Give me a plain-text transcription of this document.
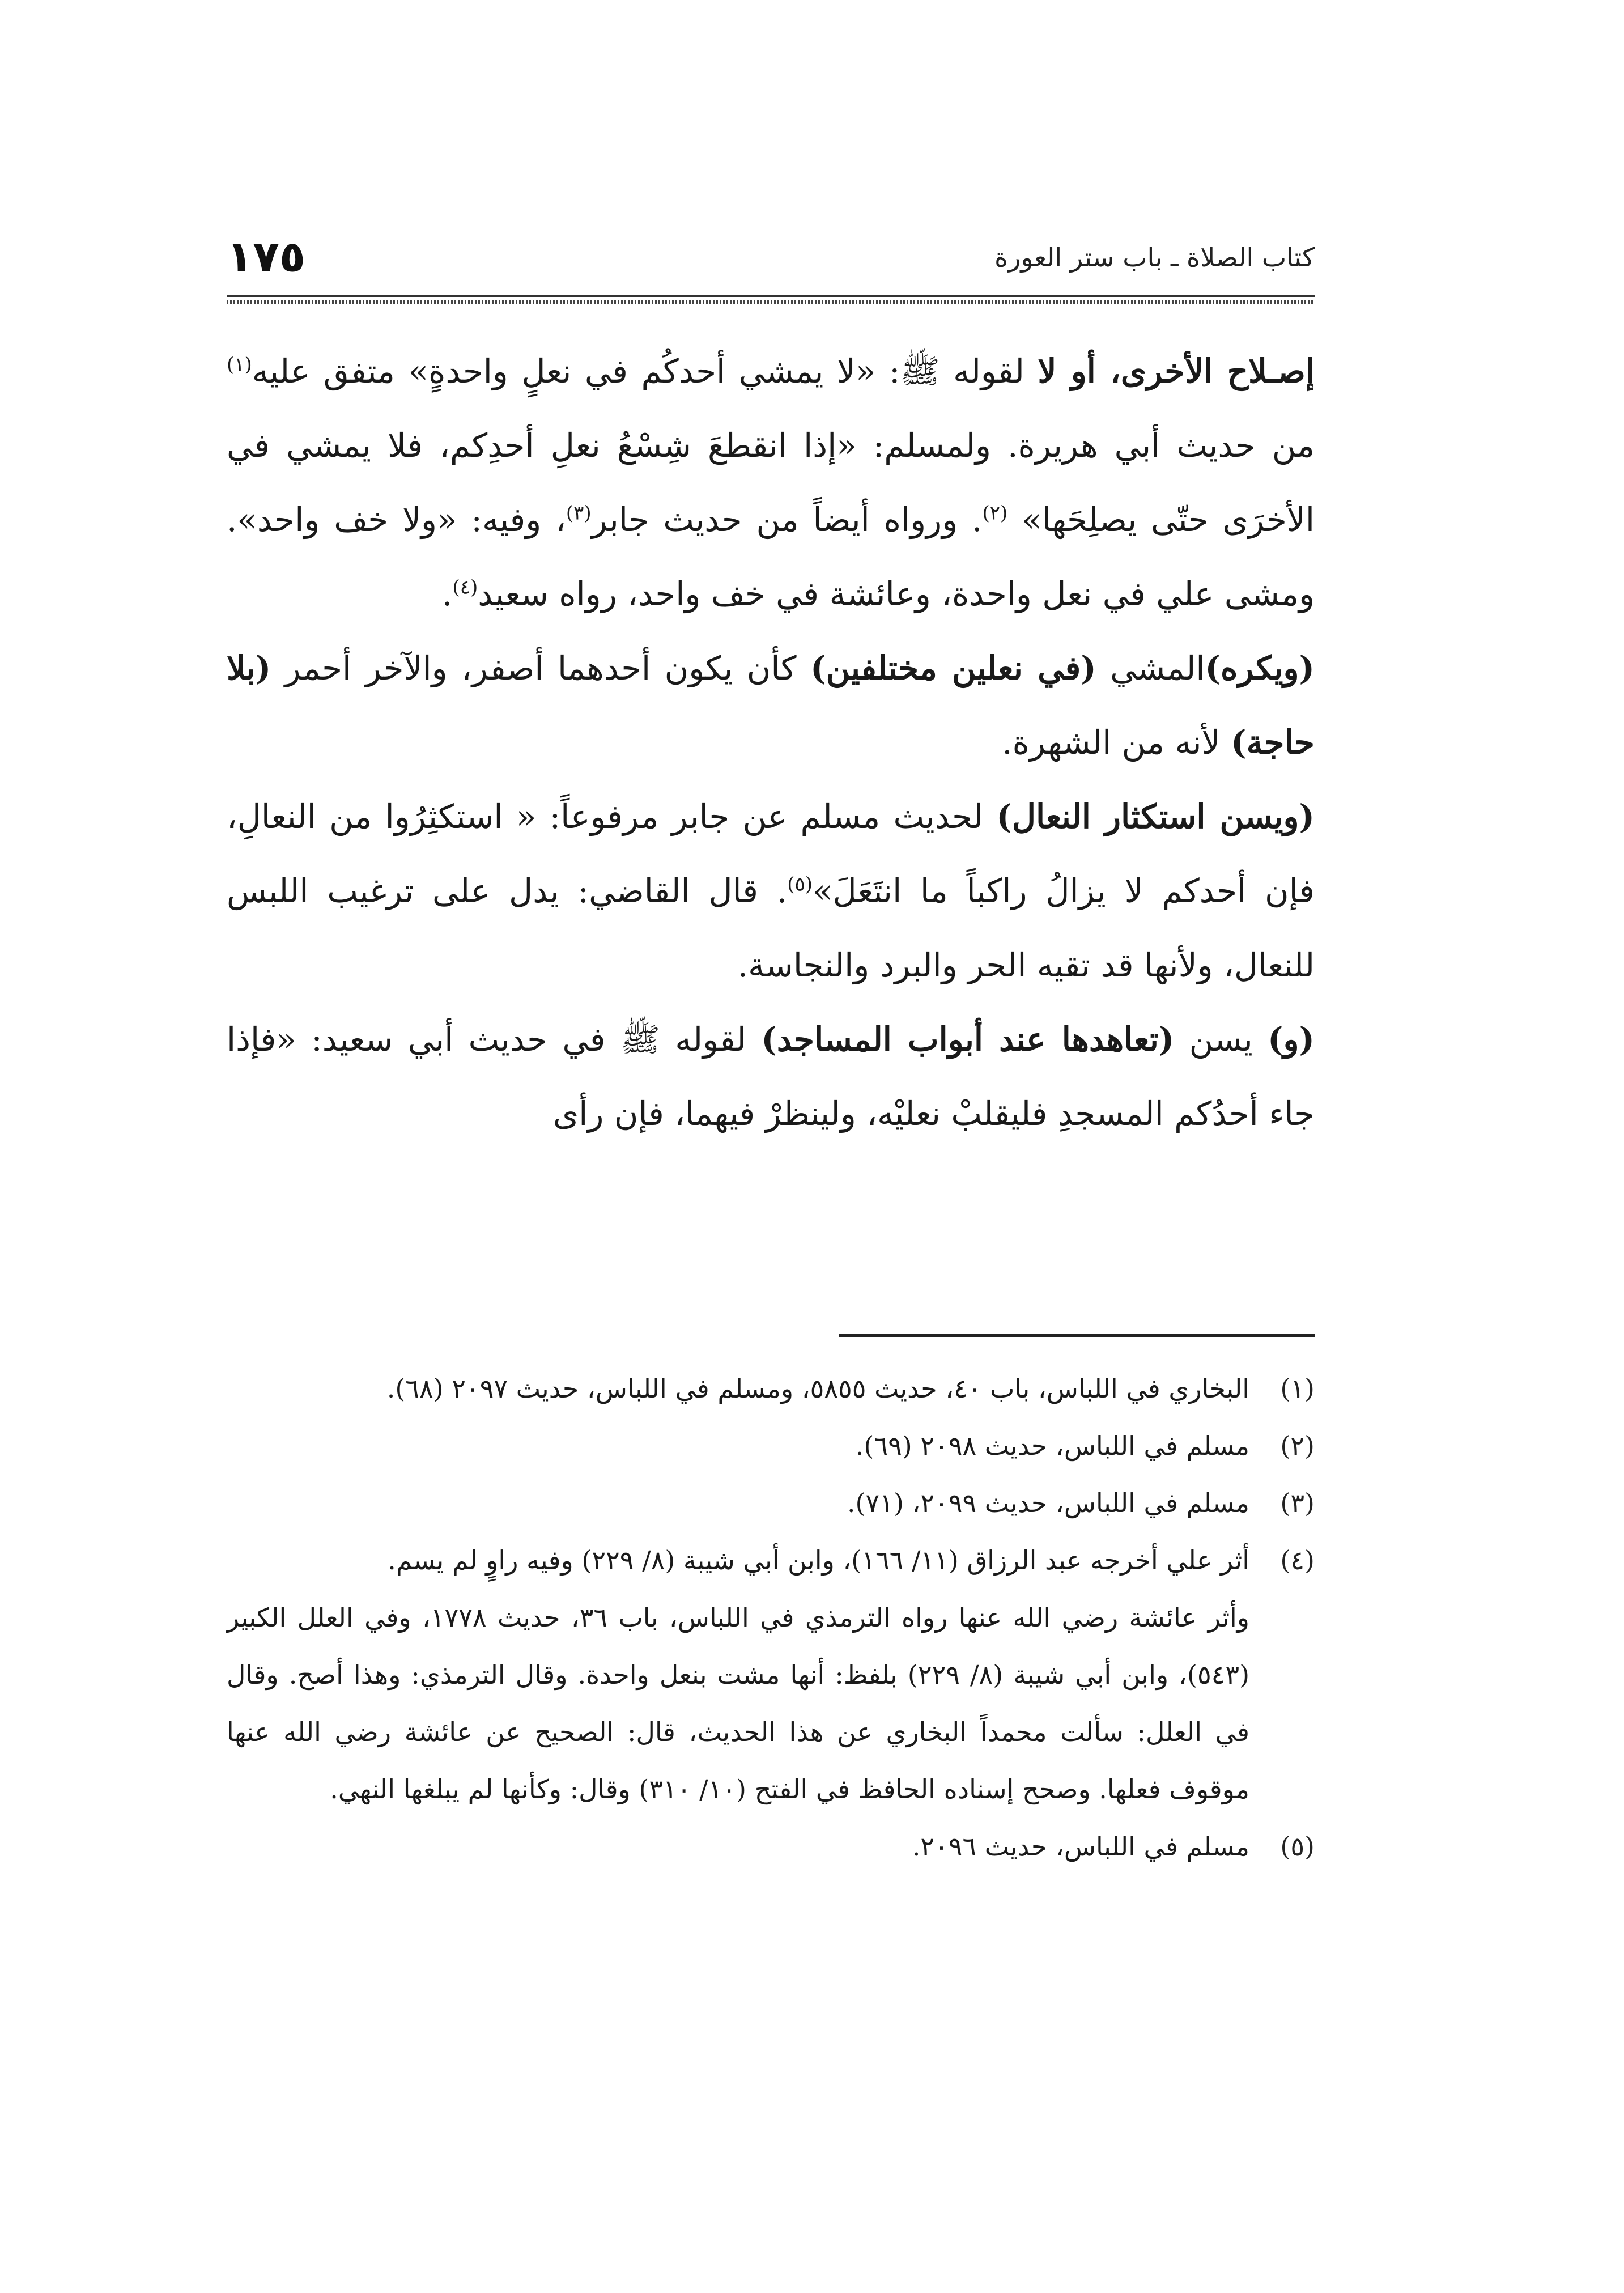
١٧٥	كتاب الصلاة ـ باب ستر العورة

إصـلاح الأخرى، أو لا لقوله ﷺ: «لا يمشي أحدكُم في نعلٍ واحدةٍ» متفق عليه$^{(١)}$ من حديث أبي هريرة. ولمسلم: «إذا انقطعَ شِسْعُ نعلِ أحدِكم، فلا يمشي في الأخرَى حتّى يصلِحَها» $^{(٢)}$. ورواه أيضاً من حديث جابر$^{(٣)}$، وفيه: «ولا خف واحد». ومشى علي في نعل واحدة، وعائشة في خف واحد، رواه سعيد$^{(٤)}$.

(ويكره)المشي (في نعلين مختلفين) كأن يكون أحدهما أصفر، والآخر أحمر (بلا حاجة) لأنه من الشهرة.

(ويسن استكثار النعال) لحديث مسلم عن جابر مرفوعاً: « استكثِرُوا من النعالِ، فإن أحدكم لا يزالُ راكباً ما انتَعَلَ»$^{(٥)}$. قال القاضي: يدل على ترغيب اللبس للنعال، ولأنها قد تقيه الحر والبرد والنجاسة.

(و) يسن (تعاهدها عند أبواب المساجد) لقوله ﷺ في حديث أبي سعيد: «فإذا جاء أحدُكم المسجدِ فليقلبْ نعليْه، ولينظرْ فيهما، فإن رأى

(١)
البخاري في اللباس، باب ٤٠، حديث ٥٨٥٥، ومسلم في اللباس، حديث ٢٠٩٧ (٦٨).
(٢)
مسلم في اللباس، حديث ٢٠٩٨ (٦٩).
(٣)
مسلم في اللباس، حديث ٢٠٩٩، (٧١).
(٤)
أثر علي أخرجه عبد الرزاق (١١/ ١٦٦)، وابن أبي شيبة (٨/ ٢٢٩) وفيه راوٍ لم يسم.
وأثر عائشة رضي الله عنها رواه الترمذي في اللباس، باب ٣٦، حديث ١٧٧٨، وفي العلل الكبير (٥٤٣)، وابن أبي شيبة (٨/ ٢٢٩) بلفظ: أنها مشت بنعل واحدة. وقال الترمذي: وهذا أصح. وقال في العلل: سألت محمداً البخاري عن هذا الحديث، قال: الصحيح عن عائشة رضي الله عنها موقوف فعلها. وصحح إسناده الحافظ في الفتح (١٠/ ٣١٠) وقال: وكأنها لم يبلغها النهي.
(٥)
مسلم في اللباس، حديث ٢٠٩٦.
